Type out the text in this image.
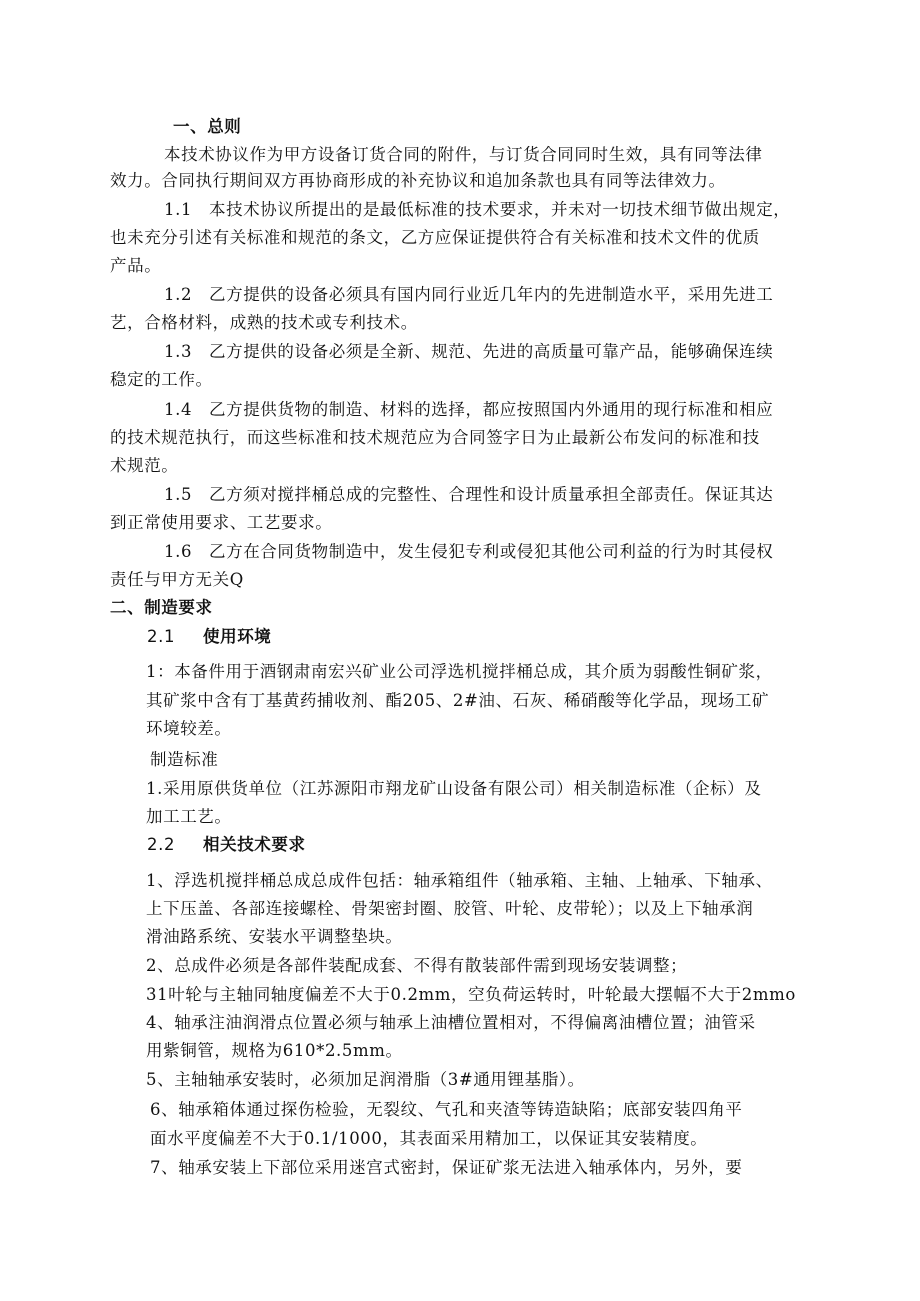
一、总则
本技术协议作为甲方设备订货合同的附件，与订货合同同时生效，具有同等法律
效力。合同执行期间双方再协商形成的补充协议和追加条款也具有同等法律效力。
1.1 本技术协议所提出的是最低标准的技术要求，并未对一切技术细节做出规定，
也未充分引述有关标准和规范的条文，乙方应保证提供符合有关标准和技术文件的优质
产品。
1.2 乙方提供的设备必须具有国内同行业近几年内的先进制造水平，采用先进工
艺，合格材料，成熟的技术或专利技术。
1.3 乙方提供的设备必须是全新、规范、先进的高质量可靠产品，能够确保连续
稳定的工作。
1.4 乙方提供货物的制造、材料的选择，都应按照国内外通用的现行标准和相应
的技术规范执行，而这些标准和技术规范应为合同签字日为止最新公布发问的标准和技
术规范。
1.5 乙方须对搅拌桶总成的完整性、合理性和设计质量承担全部责任。保证其达
到正常使用要求、工艺要求。
1.6 乙方在合同货物制造中，发生侵犯专利或侵犯其他公司利益的行为时其侵权
责任与甲方无关Q
二、制造要求
2.1 使用环境
1：本备件用于酒钢肃南宏兴矿业公司浮选机搅拌桶总成，其介质为弱酸性铜矿浆，
其矿浆中含有丁基黄药捕收剂、酯205、2#油、石灰、稀硝酸等化学品，现场工矿
环境较差。
制造标准
1.采用原供货单位（江苏源阳市翔龙矿山设备有限公司）相关制造标准（企标）及
加工工艺。
2.2 相关技术要求
1、浮选机搅拌桶总成总成件包括：轴承箱组件（轴承箱、主轴、上轴承、下轴承、
上下压盖、各部连接螺栓、骨架密封圈、胶管、叶轮、皮带轮）；以及上下轴承润
滑油路系统、安装水平调整垫块。
2、总成件必须是各部件装配成套、不得有散装部件需到现场安装调整；
31叶轮与主轴同轴度偏差不大于0.2mm，空负荷运转时，叶轮最大摆幅不大于2mmo
4、轴承注油润滑点位置必须与轴承上油槽位置相对，不得偏离油槽位置；油管采
用紫铜管，规格为610*2.5mm。
5、主轴轴承安装时，必须加足润滑脂（3#通用锂基脂）。
6、轴承箱体通过探伤检验，无裂纹、气孔和夹渣等铸造缺陷；底部安装四角平
面水平度偏差不大于0.1/1000，其表面采用精加工，以保证其安装精度。
7、轴承安装上下部位采用迷宫式密封，保证矿浆无法进入轴承体内，另外，要
